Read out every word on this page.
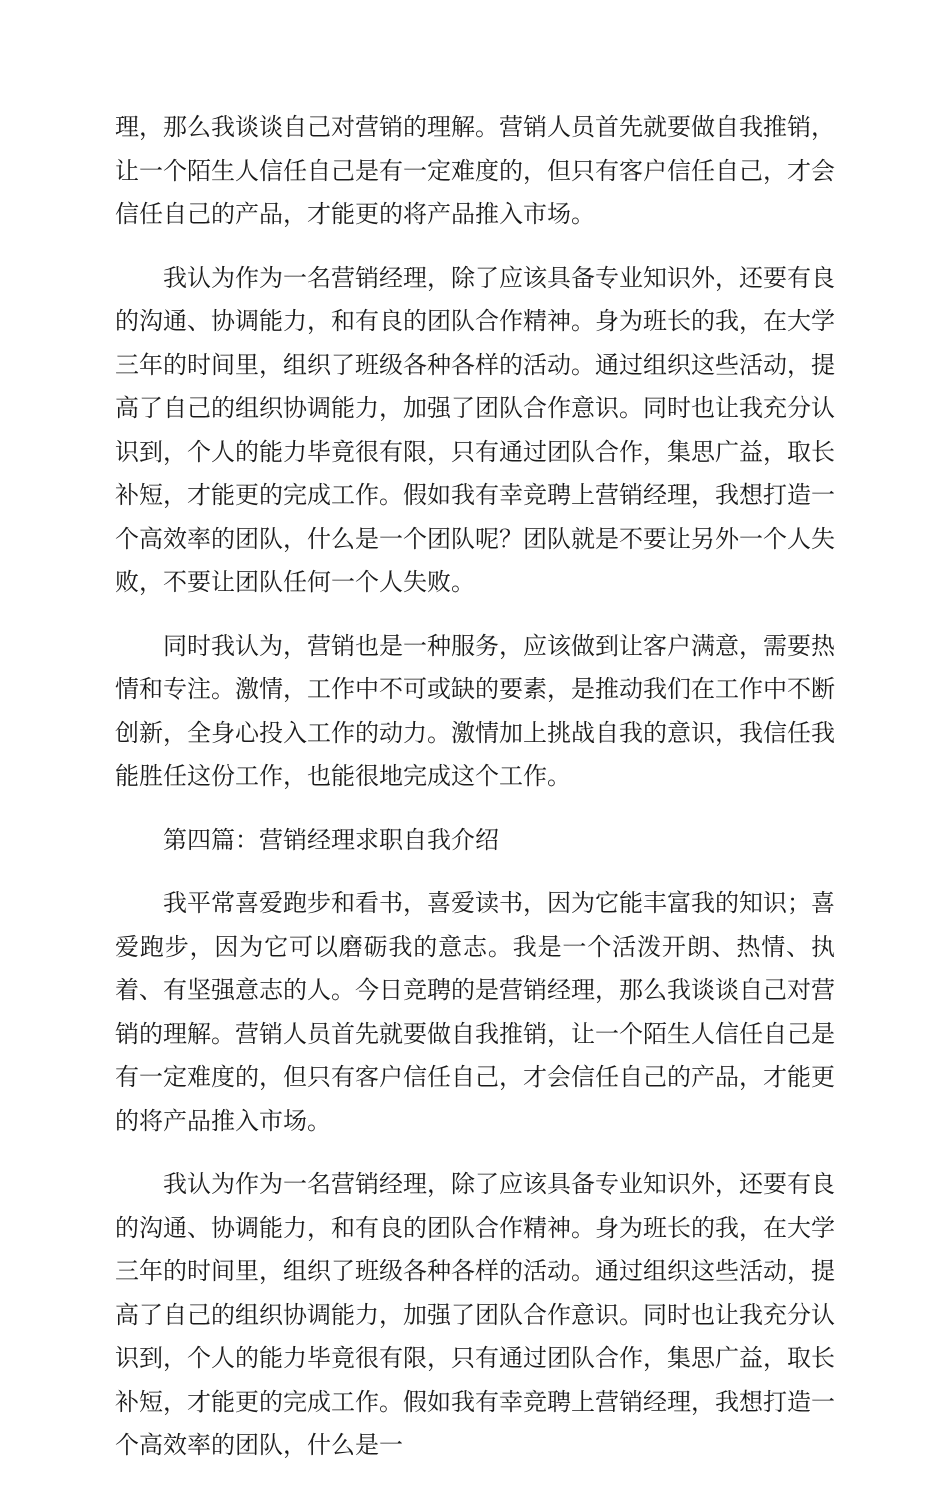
理，那么我谈谈自己对营销的理解。营销人员首先就要做自我推销，让一个陌生人信任自己是有一定难度的，但只有客户信任自己，才会信任自己的产品，才能更的将产品推入市场。

我认为作为一名营销经理，除了应该具备专业知识外，还要有良的沟通、协调能力，和有良的团队合作精神。身为班长的我，在大学三年的时间里，组织了班级各种各样的活动。通过组织这些活动，提高了自己的组织协调能力，加强了团队合作意识。同时也让我充分认识到，个人的能力毕竟很有限，只有通过团队合作，集思广益，取长补短，才能更的完成工作。假如我有幸竞聘上营销经理，我想打造一个高效率的团队，什么是一个团队呢？团队就是不要让另外一个人失败，不要让团队任何一个人失败。

同时我认为，营销也是一种服务，应该做到让客户满意，需要热情和专注。激情，工作中不可或缺的要素，是推动我们在工作中不断创新，全身心投入工作的动力。激情加上挑战自我的意识，我信任我能胜任这份工作，也能很地完成这个工作。

第四篇：营销经理求职自我介绍

我平常喜爱跑步和看书，喜爱读书，因为它能丰富我的知识；喜爱跑步，因为它可以磨砺我的意志。我是一个活泼开朗、热情、执着、有坚强意志的人。今日竞聘的是营销经理，那么我谈谈自己对营销的理解。营销人员首先就要做自我推销，让一个陌生人信任自己是有一定难度的，但只有客户信任自己，才会信任自己的产品，才能更的将产品推入市场。

我认为作为一名营销经理，除了应该具备专业知识外，还要有良的沟通、协调能力，和有良的团队合作精神。身为班长的我，在大学三年的时间里，组织了班级各种各样的活动。通过组织这些活动，提高了自己的组织协调能力，加强了团队合作意识。同时也让我充分认识到，个人的能力毕竟很有限，只有通过团队合作，集思广益，取长补短，才能更的完成工作。假如我有幸竞聘上营销经理，我想打造一个高效率的团队，什么是一
